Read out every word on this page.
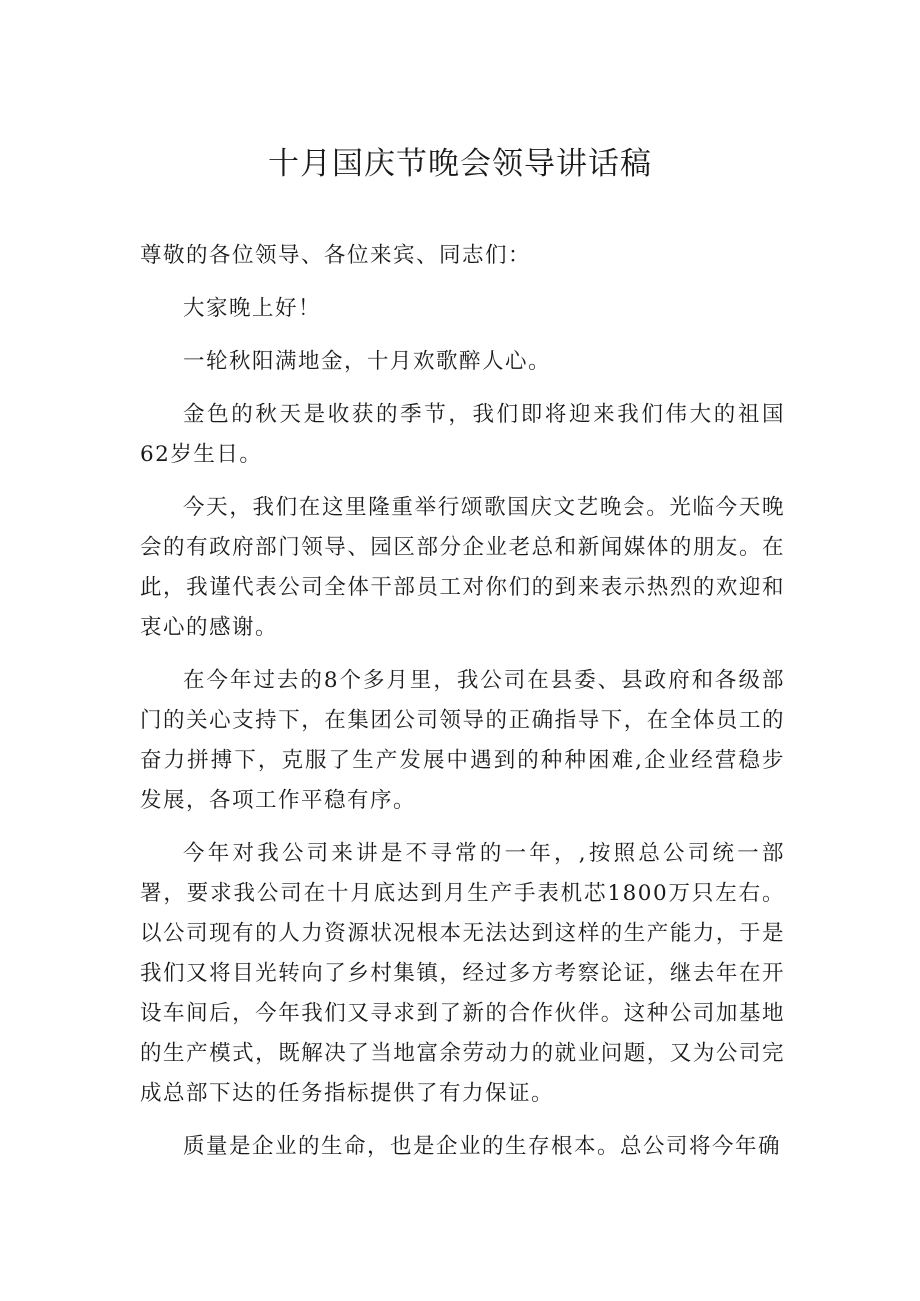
十月国庆节晚会领导讲话稿

尊敬的各位领导、各位来宾、同志们：

大家晚上好！

一轮秋阳满地金，十月欢歌醉人心。

金色的秋天是收获的季节，我们即将迎来我们伟大的祖国62岁生日。

今天，我们在这里隆重举行颂歌国庆文艺晚会。光临今天晚会的有政府部门领导、园区部分企业老总和新闻媒体的朋友。在此，我谨代表公司全体干部员工对你们的到来表示热烈的欢迎和衷心的感谢。

在今年过去的8个多月里，我公司在县委、县政府和各级部门的关心支持下，在集团公司领导的正确指导下，在全体员工的奋力拼搏下，克服了生产发展中遇到的种种困难,企业经营稳步发展，各项工作平稳有序。

今年对我公司来讲是不寻常的一年，,按照总公司统一部署，要求我公司在十月底达到月生产手表机芯1800万只左右。以公司现有的人力资源状况根本无法达到这样的生产能力，于是我们又将目光转向了乡村集镇，经过多方考察论证，继去年在开设车间后，今年我们又寻求到了新的合作伙伴。这种公司加基地的生产模式，既解决了当地富余劳动力的就业问题，又为公司完成总部下达的任务指标提供了有力保证。

质量是企业的生命，也是企业的生存根本。总公司将今年确
